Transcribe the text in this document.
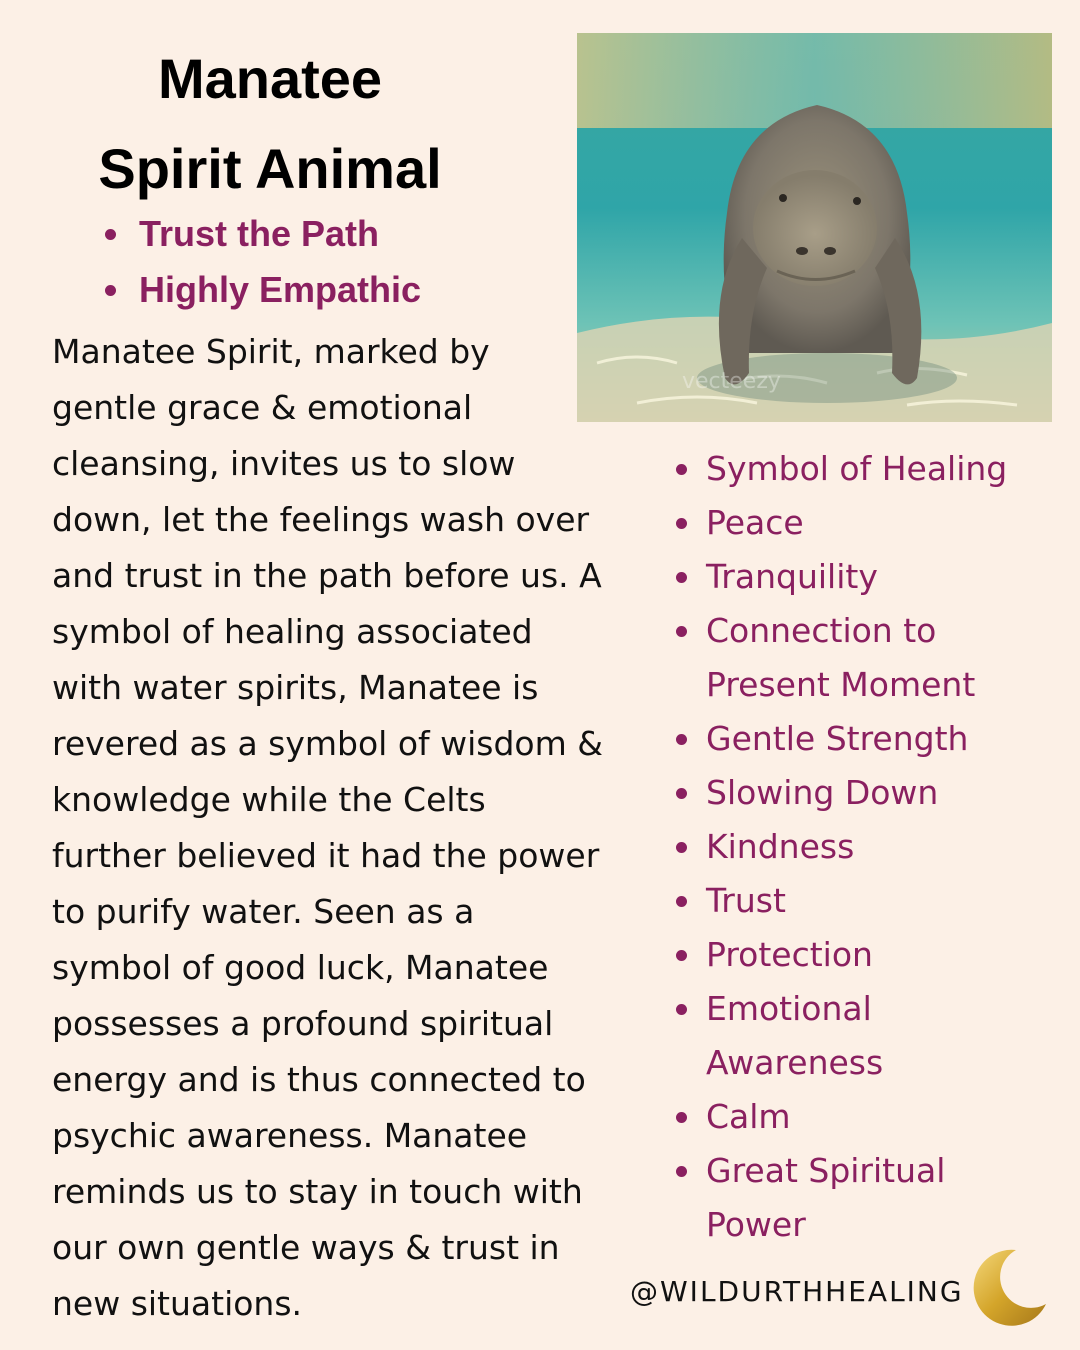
Manatee
Spirit Animal
Trust the Path
Highly Empathic
Manatee Spirit, marked by
gentle grace & emotional
cleansing, invites us to slow
down, let the feelings wash over
and trust in the path before us. A
symbol of healing associated
with water spirits, Manatee is
revered as a symbol of wisdom &
knowledge while the Celts
further believed it had the power
to purify water. Seen as a
symbol of good luck, Manatee
possesses a profound spiritual
energy and is thus connected to
psychic awareness. Manatee
reminds us to stay in touch with
our own gentle ways & trust in
new situations.
vecteezy
Symbol of Healing
Peace
Tranquility
Connection to
Present Moment
Gentle Strength
Slowing Down
Kindness
Trust
Protection
Emotional
Awareness
Calm
Great Spiritual
Power
@WILDURTHHEALING
